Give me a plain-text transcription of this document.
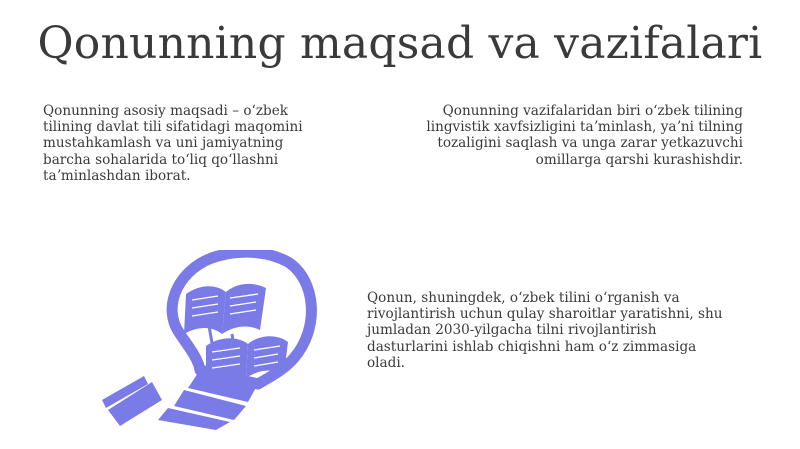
Qonunning maqsad va vazifalari
Qonunning asosiy maqsadi – oʻzbek tilining davlat tili sifatidagi maqomini mustahkamlash va uni jamiyatning barcha sohalarida toʻliq qoʻllashni taʼminlashdan iborat.
Qonunning vazifalaridan biri oʻzbek tilining lingvistik xavfsizligini taʼminlash, yaʼni tilning tozaligini saqlash va unga zarar yetkazuvchi omillarga qarshi kurashishdir.
Qonun, shuningdek, oʻzbek tilini oʻrganish va rivojlantirish uchun qulay sharoitlar yaratishni, shu jumladan 2030-yilgacha tilni rivojlantirish dasturlarini ishlab chiqishni ham oʻz zimmasiga oladi.
